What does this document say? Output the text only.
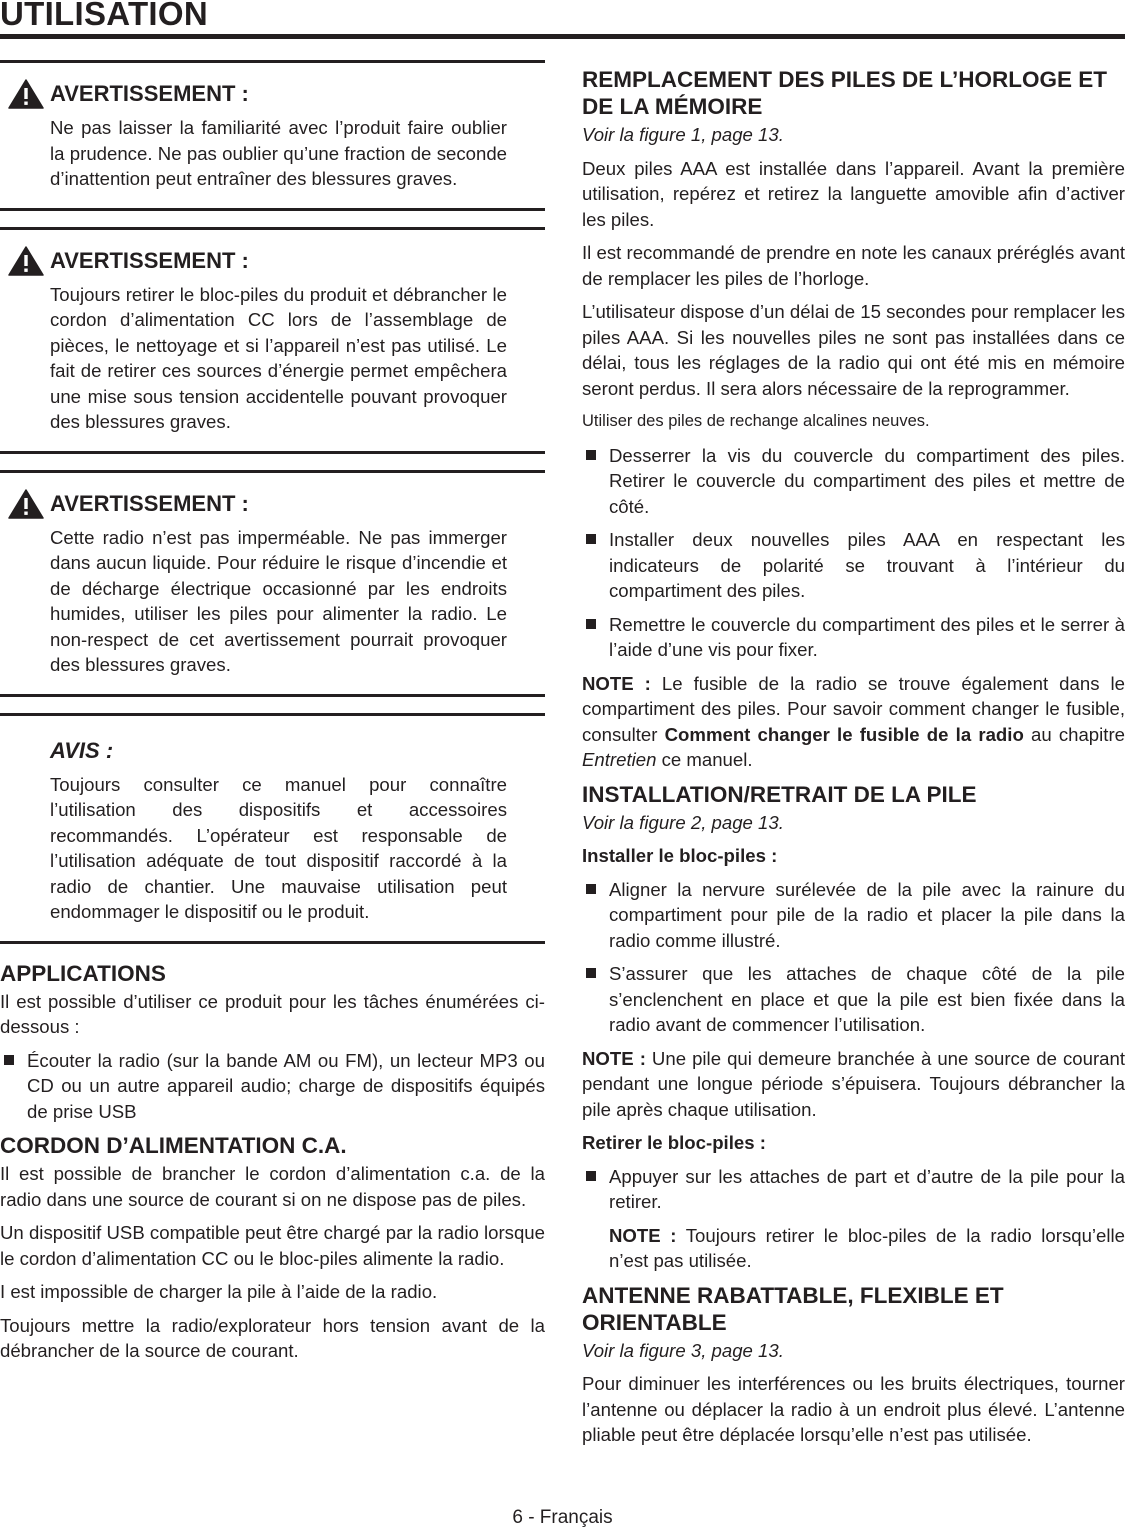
UTILISATION
AVERTISSEMENT :

Ne pas laisser la familiarité avec l’produit faire oublier la prudence. Ne pas oublier qu’une fraction de seconde d’inattention peut entraîner des blessures graves.

AVERTISSEMENT :

Toujours retirer le bloc-piles du produit et débrancher le cordon d’alimentation CC lors de l’assemblage de pièces, le nettoyage et si l’appareil n’est pas utilisé. Le fait de retirer ces sources d’énergie permet empêchera une mise sous tension accidentelle pouvant provoquer des blessures graves.

AVERTISSEMENT :

Cette radio n’est pas imperméable. Ne pas immerger dans aucun liquide. Pour réduire le risque d’incendie et de décharge électrique occasionné par les endroits humides, utiliser les piles pour alimenter la radio. Le non-respect de cet avertissement pourrait provoquer des blessures graves.

AVIS :

Toujours consulter ce manuel pour connaître l’utilisation des dispositifs et accessoires recommandés. L’opérateur est responsable de l’utilisation adéquate de tout dispositif raccordé à la radio de chantier. Une mauvaise utilisation peut endommager le dispositif ou le produit.

APPLICATIONS

Il est possible d’utiliser ce produit pour les tâches énumérées ci-dessous :

Écouter la radio (sur la bande AM ou FM), un lecteur MP3 ou CD ou un autre appareil audio; charge de dispositifs équipés de prise USB
CORDON D’ALIMENTATION C.A.

Il est possible de brancher le cordon d’alimentation c.a. de la radio dans une source de courant si on ne dispose pas de piles.

Un dispositif USB compatible peut être chargé par la radio lorsque le cordon d’alimentation CC ou le bloc-piles alimente la radio.

I est impossible de charger la pile à l’aide de la radio.

Toujours mettre la radio/explorateur hors tension avant de la débrancher de la source de courant.

REMPLACEMENT DES PILES DE L’HORLOGE ET DE LA MÉMOIRE

Voir la figure 1, page 13.

Deux piles AAA est installée dans l’appareil. Avant la première utilisation, repérez et retirez la languette amovible afin d’activer les piles.

Il est recommandé de prendre en note les canaux préréglés avant de remplacer les piles de l’horloge.

L’utilisateur dispose d’un délai de 15 secondes pour remplacer les piles AAA. Si les nouvelles piles ne sont pas installées dans ce délai, tous les réglages de la radio qui ont été mis en mémoire seront perdus. Il sera alors nécessaire de la reprogrammer.

Utiliser des piles de rechange alcalines neuves.

Desserrer la vis du couvercle du compartiment des piles. Retirer le couvercle du compartiment des piles et mettre de côté.
Installer deux nouvelles piles AAA en respectant les indicateurs de polarité se trouvant à l’intérieur du compartiment des piles.
Remettre le couvercle du compartiment des piles et le serrer à l’aide d’une vis pour fixer.

NOTE : Le fusible de la radio se trouve également dans le compartiment des piles. Pour savoir comment changer le fusible, consulter Comment changer le fusible de la radio au chapitre Entretien ce manuel.

INSTALLATION/RETRAIT DE LA PILE

Voir la figure 2, page 13.

Installer le bloc-piles :

Aligner la nervure surélevée de la pile avec la rainure du compartiment pour pile de la radio et placer la pile dans la radio comme illustré.
S’assurer que les attaches de chaque côté de la pile s’enclenchent en place et que la pile est bien fixée dans la radio avant de commencer l’utilisation.

NOTE : Une pile qui demeure branchée à une source de courant pendant une longue période s’épuisera. Toujours débrancher la pile après chaque utilisation.

Retirer le bloc-piles :

Appuyer sur les attaches de part et d’autre de la pile pour la retirer.

NOTE : Toujours retirer le bloc-piles de la radio lorsqu’elle n’est pas utilisée.

ANTENNE RABATTABLE, FLEXIBLE ET ORIENTABLE

Voir la figure 3, page 13.

Pour diminuer les interférences ou les bruits électriques, tourner l’antenne ou déplacer la radio à un endroit plus élevé. L’antenne pliable peut être déplacée lorsqu’elle n’est pas utilisée.

6 - Français
